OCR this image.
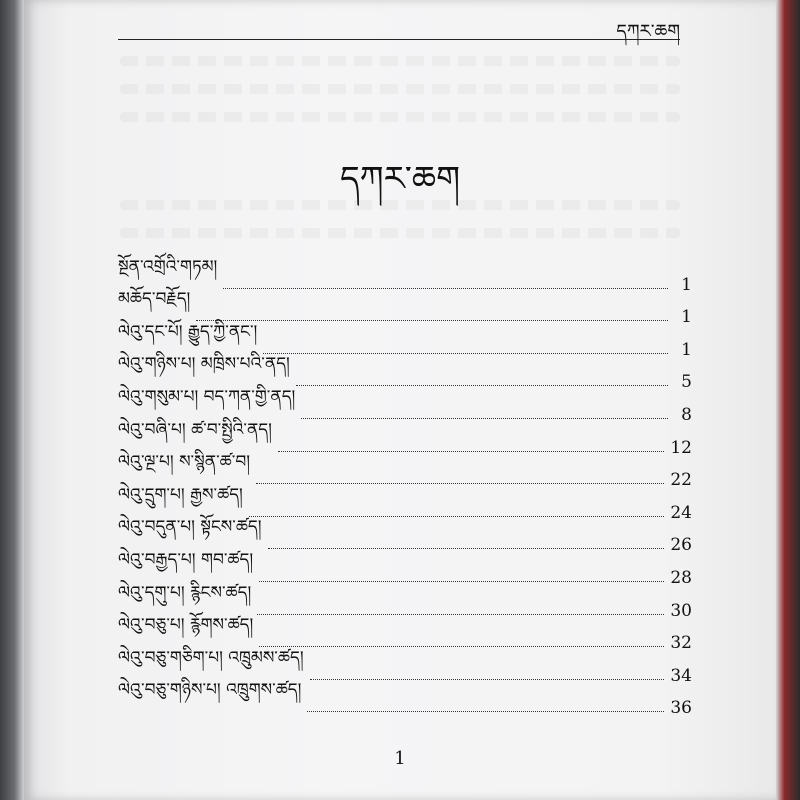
དཀར་ཆག
དཀར་ཆག
སྔོན་འགྲོའི་གཏམ།
1
མཆོད་བརྗོད།
1
ལེའུ་དང་པོ། རྒྱུད་ཀྱི་ནང་།
1
ལེའུ་གཉིས་པ། མཁྲིས་པའི་ནད།
5
ལེའུ་གསུམ་པ། བད་ཀན་གྱི་ནད།
8
ལེའུ་བཞི་པ། ཚ་བ་སྤྱིའི་ནད།
12
ལེའུ་ལྔ་པ། ས་སྙིན་ཚ་བ།
22
ལེའུ་དྲུག་པ། རྒྱས་ཚད།
24
ལེའུ་བདུན་པ། སྟོངས་ཚད།
26
ལེའུ་བརྒྱད་པ། གབ་ཚད།
28
ལེའུ་དགུ་པ། རྙིངས་ཚད།
30
ལེའུ་བཅུ་པ། རྙོགས་ཚད།
32
ལེའུ་བཅུ་གཅིག་པ། འཁྲུམས་ཚད།
34
ལེའུ་བཅུ་གཉིས་པ། འཁྲུགས་ཚད།
36
1
